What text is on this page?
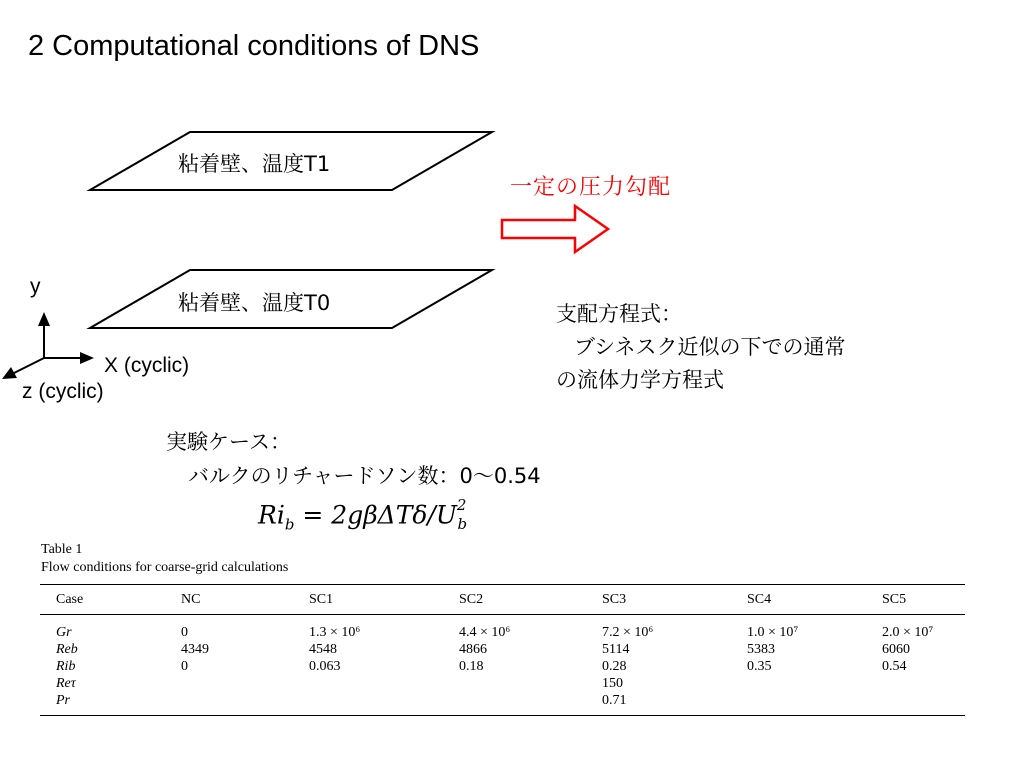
2 Computational conditions of DNS
粘着壁、温度T1
粘着壁、温度T0
一定の圧力勾配
y
X (cyclic)
z (cyclic)
支配方程式：
ブシネスク近似の下での通常
の流体力学方程式
実験ケース：
バルクのリチャードソン数：0～0.54
$Ri_b = 2g\beta\Delta T\delta/U^2_b$
Table 1
Flow conditions for coarse-grid calculations
Case	NC	SC1	SC2	SC3	SC4	SC5
Gr	0	1.3 × 10⁶	4.4 × 10⁶	7.2 × 10⁶	1.0 × 10⁷	2.0 × 10⁷
Reb	4349	4548	4866	5114	5383	6060
Rib	0	0.063	0.18	0.28	0.35	0.54
Reτ				150		
Pr				0.71		
